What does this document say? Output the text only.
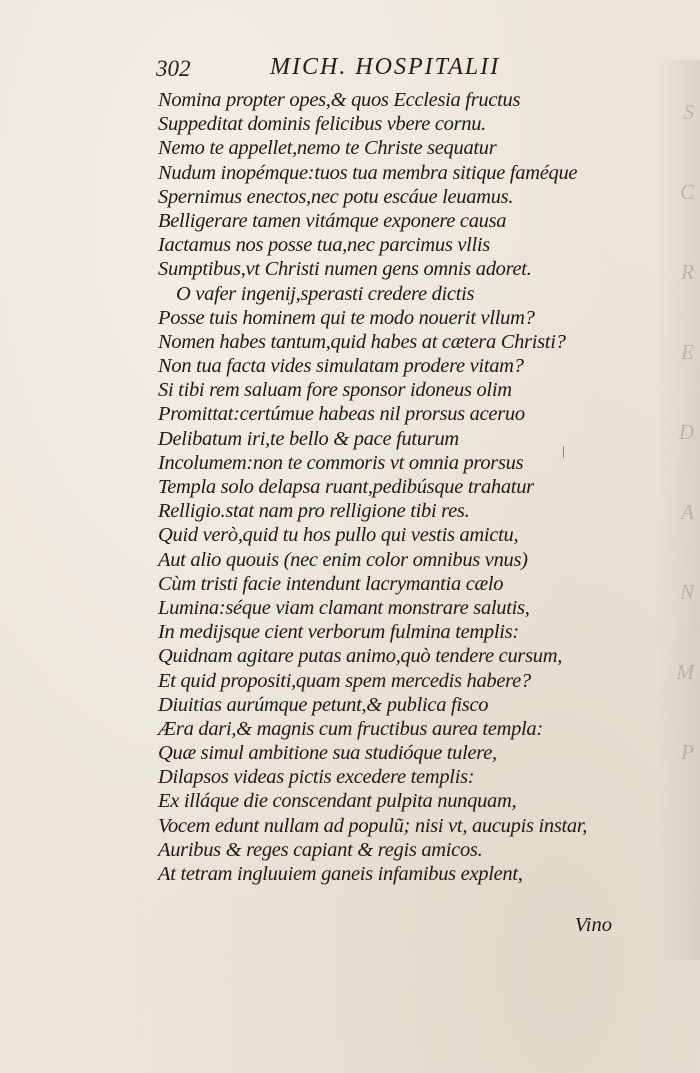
S
C
R
E
D
A
N
M
P
302	MICH. HOSPITALII
Nomina propter opes,& quos Ecclesia fructus
Suppeditat dominis felicibus vbere cornu.
Nemo te appellet,nemo te Christe sequatur
Nudum inopémque:tuos tua membra sitique faméque
Spernimus enectos,nec potu escáue leuamus.
Belligerare tamen vitámque exponere causa
Iactamus nos posse tua,nec parcimus vllis
Sumptibus,vt Christi numen gens omnis adoret.
O vafer ingenij,sperasti credere dictis
Posse tuis hominem qui te modo nouerit vllum?
Nomen habes tantum,quid habes at cætera Christi?
Non tua facta vides simulatam prodere vitam?
Si tibi rem saluam fore sponsor idoneus olim
Promittat:certúmue habeas nil prorsus aceruo
Delibatum iri,te bello & pace futurum
Incolumem:non te commoris vt omnia prorsus
Templa solo delapsa ruant,pedibúsque trahatur
Relligio.stat nam pro relligione tibi res.
Quid verò,quid tu hos pullo qui vestis amictu,
Aut alio quouis (nec enim color omnibus vnus)
Cùm tristi facie intendunt lacrymantia cælo
Lumina:séque viam clamant monstrare salutis,
In medijsque cient verborum fulmina templis:
Quidnam agitare putas animo,quò tendere cursum,
Et quid propositi,quam spem mercedis habere?
Diuitias aurúmque petunt,& publica fisco
Æra dari,& magnis cum fructibus aurea templa:
Quæ simul ambitione sua studióque tulere,
Dilapsos videas pictis excedere templis:
Ex illáque die conscendant pulpita nunquam,
Vocem edunt nullam ad populũ; nisi vt, aucupis instar,
Auribus & reges capiant & regis amicos.
At tetram ingluuiem ganeis infamibus explent,
Vino
